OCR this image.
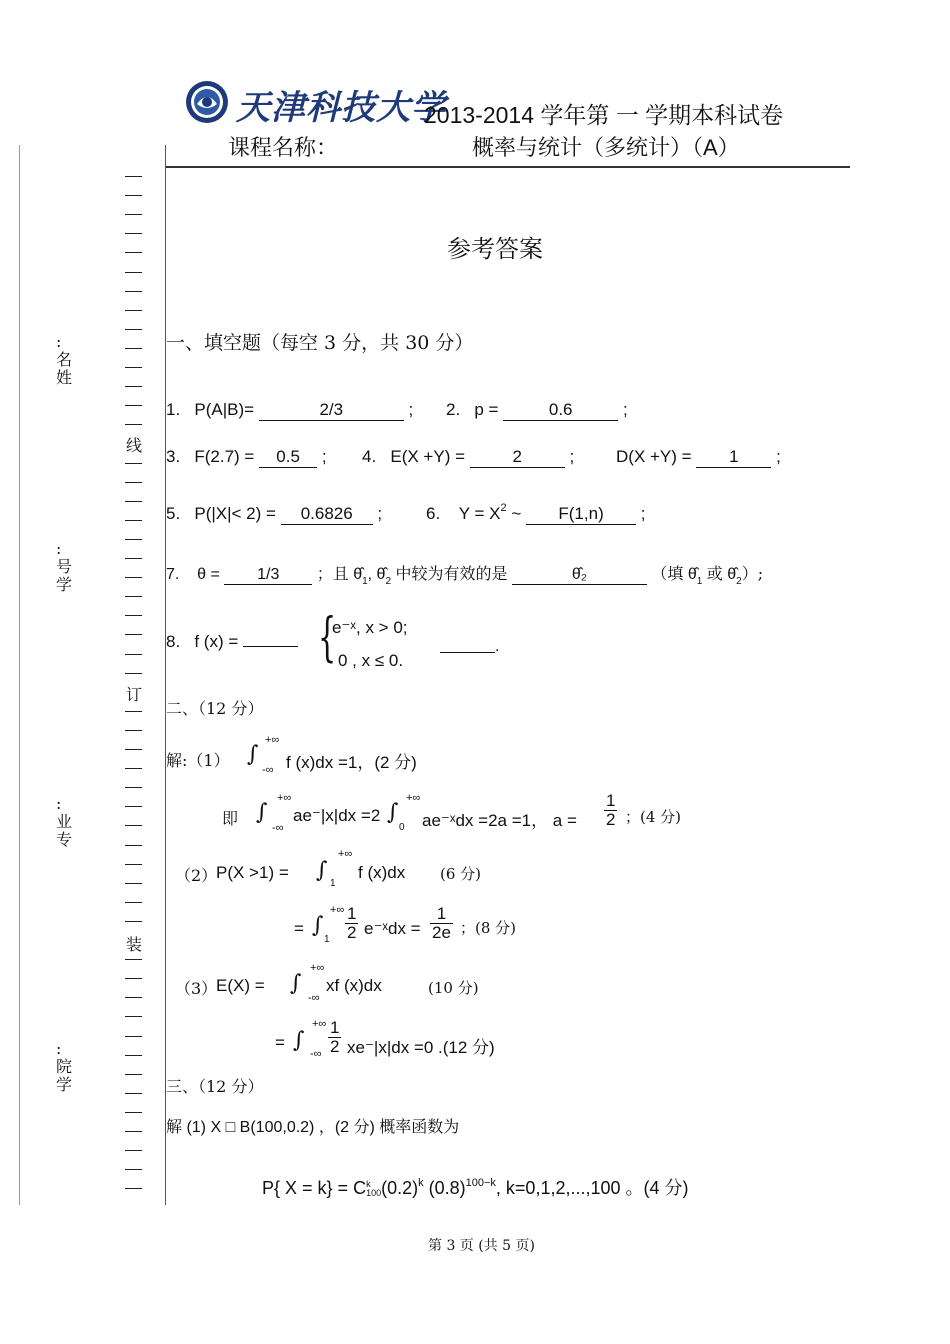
天津科技大学
2013-2014 学年第 一 学期本科试卷
课程名称：	概率与统计（多统计）（A）
: 名 姓
线
: 号 学
订
: 业 专
装
: 院 学
参考答案
一、填空题（每空 3 分，共 30 分）
1. P(A|B)=	2/3	; 2. p =	0.6	;
3. F(2.7) = 0.5 ; 4. E(X +Y) =	2	; D(X +Y) = 1 ;
5. P(|X|< 2) = 0.6826 ;	6. $Y = X^2$ ~ F(1,n) ;
7. θ = 1/3 ；且 $\thetâ_1$, $\thetâ_2$ 中较为有效的是	θ̂₂	（填 $\thetâ_1$ 或 $\thetâ_2$）;
8. f (x) =	{
e⁻ˣ, x > 0;
0 , x ≤ 0.
.
二、（12 分）
解:（1） ∫
+∞
-∞ f (x)dx =1，(2 分)
即 ∫
+∞
-∞
ae⁻|x|dx =2 ∫
+∞
0 ae⁻ˣdx =2a =1， $a = \frac{1}{2}$ ；(4 分)
（2）
P(X >1) = ∫
+∞
1
f (x)dx (6 分)
= ∫
+∞
$1 \frac{1}{2}$ e⁻ˣdx = $\frac{1}{2e}$ ；(8 分)
（3）
E(X) = ∫
+∞
-∞
xf (x)dx	(10 分)
= ∫
+∞
-∞ $\frac{1}{2} xe^-|x|dx =0$ .(12 分)
三、（12 分）
解 (1) X □ B(100,0.2) ，(2 分) 概率函数为
P{ X = k} = C k
100 $(0.2)^k$ $(0.8)^{100-k}$, k=0,1,2,...,100 。(4 分)
第 3 页 (共 5 页)
